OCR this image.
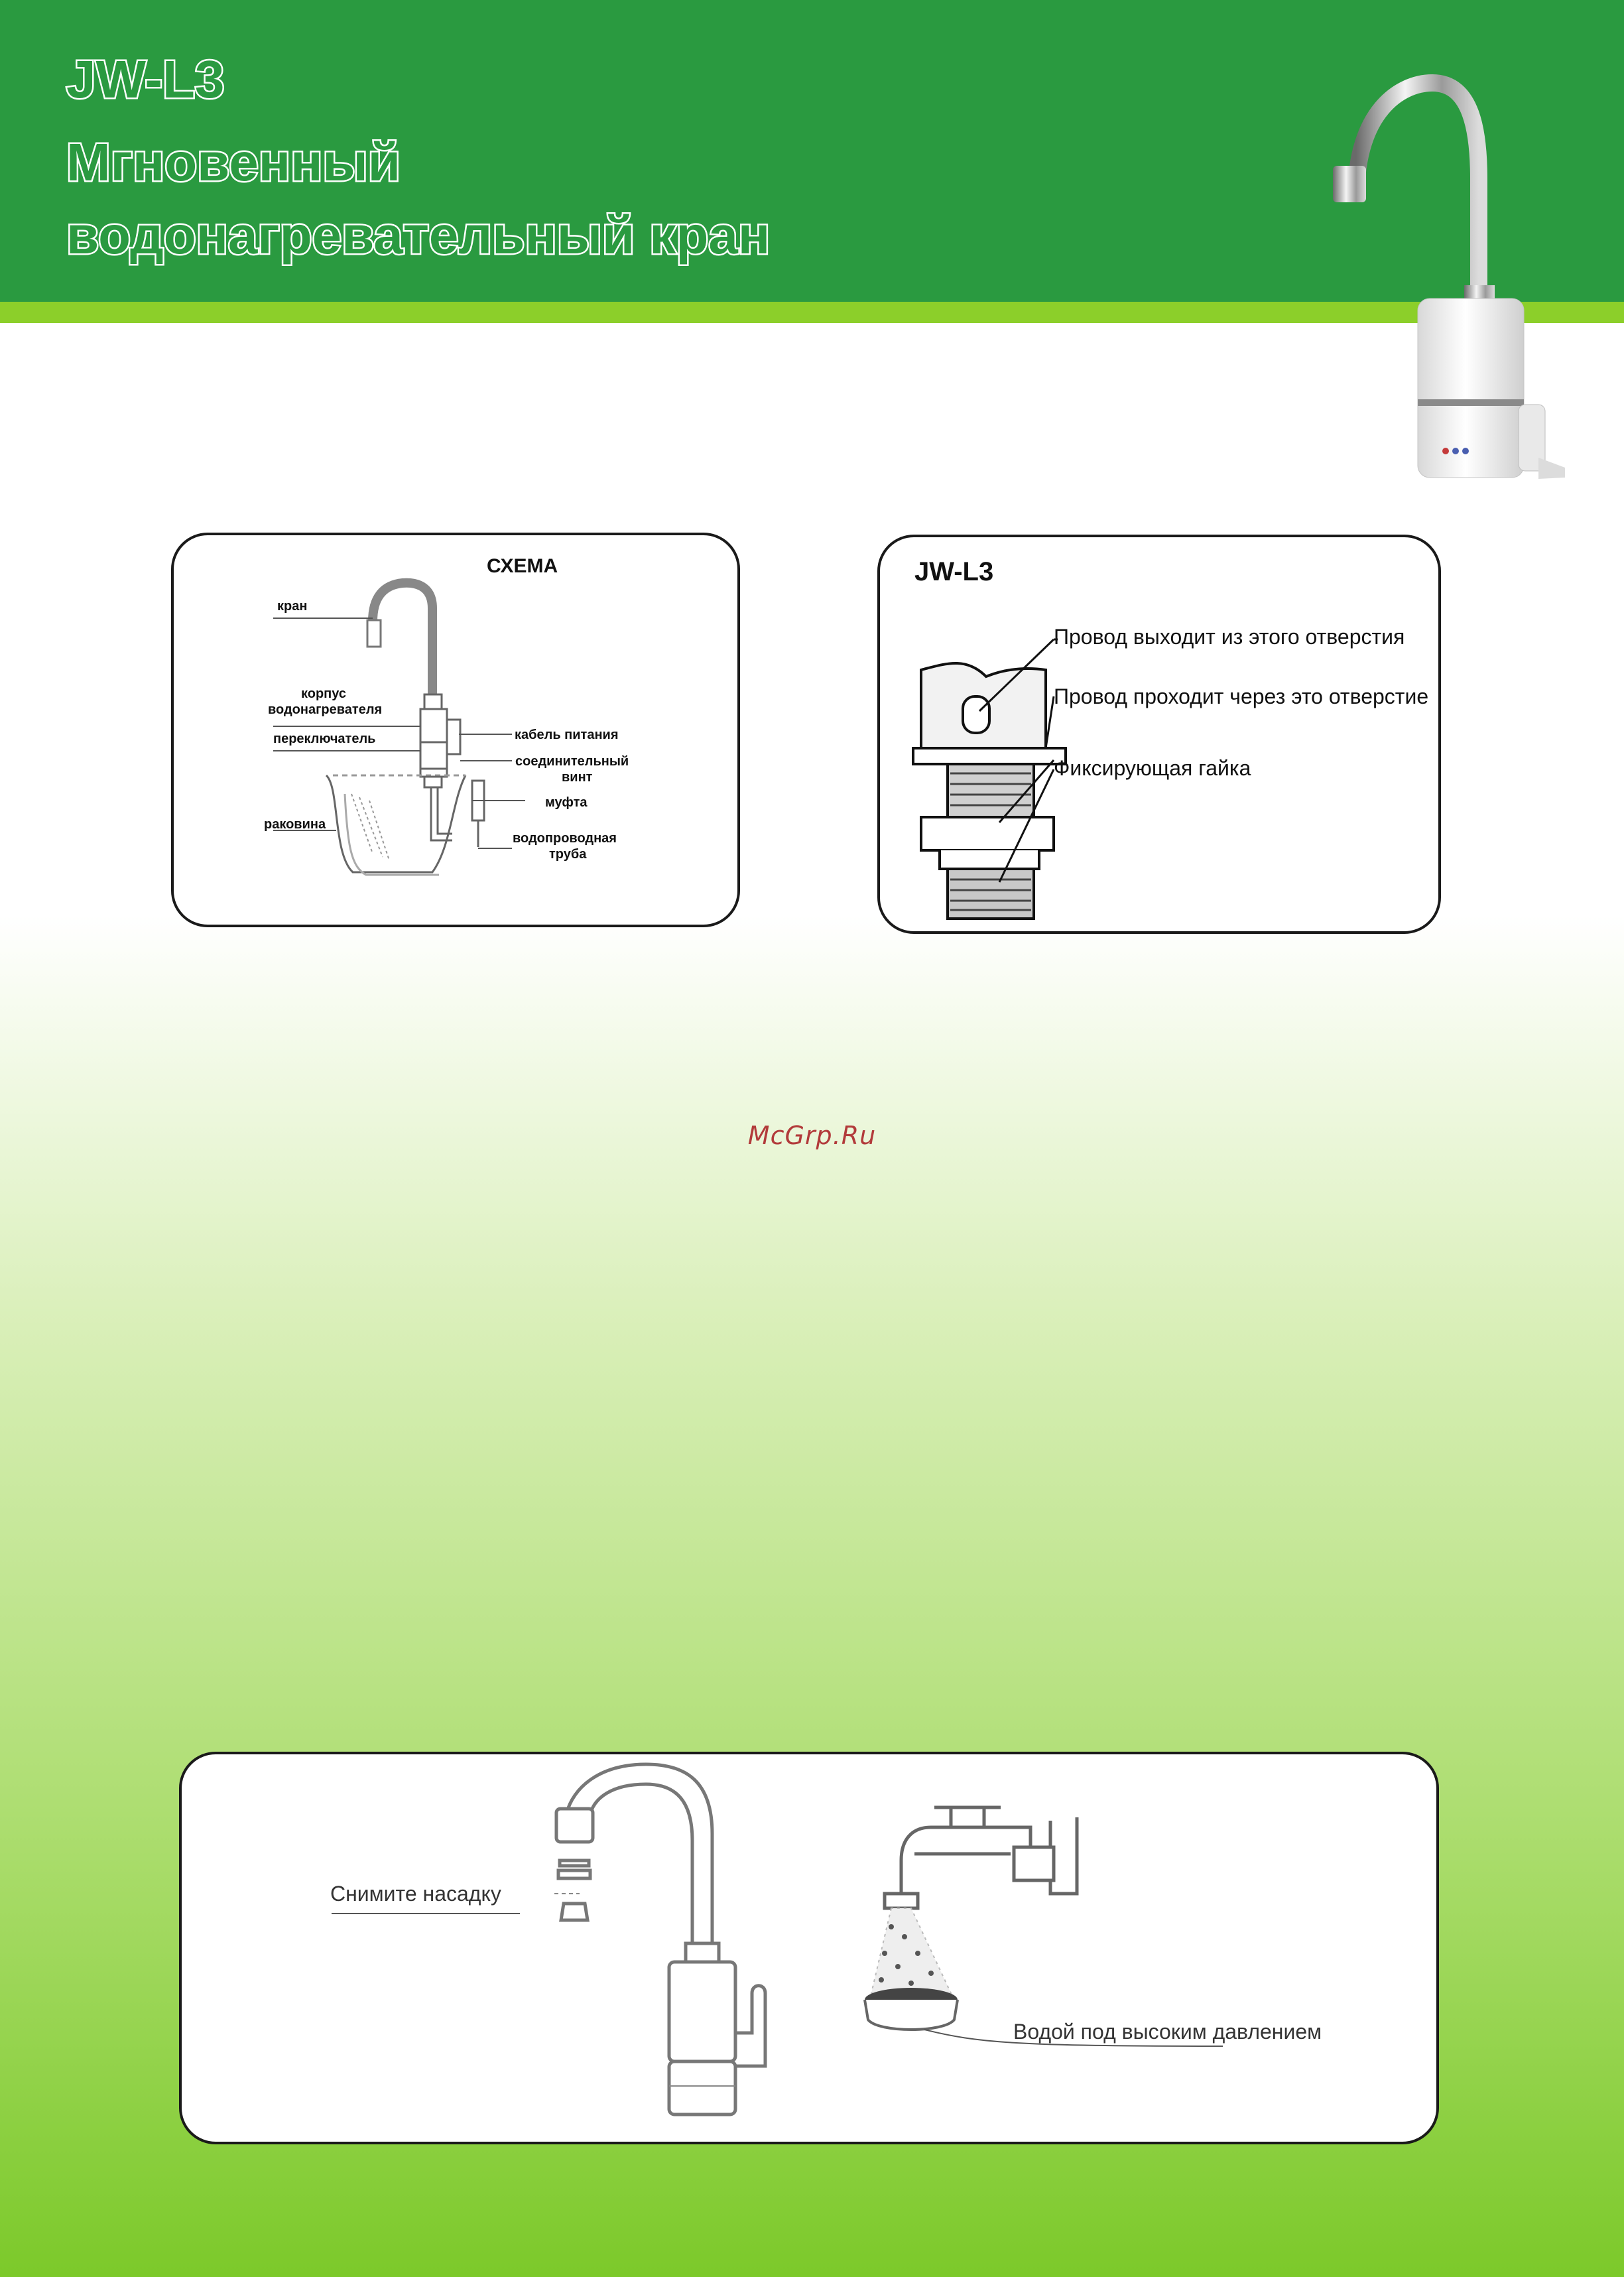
JW-L3
Мгновенный
водонагревательный кран
СХЕМА
кран
корпус
водонагревателя
переключатель	кабель питания
соединительный
винт
муфта
раковина
водопроводная
труба
JW-L3
Провод выходит из этого отверстия
Провод проходит через это отверстие
Фиксирующая гайка
McGrp.Ru
Снимите насадку
Водой под высоким давлением
